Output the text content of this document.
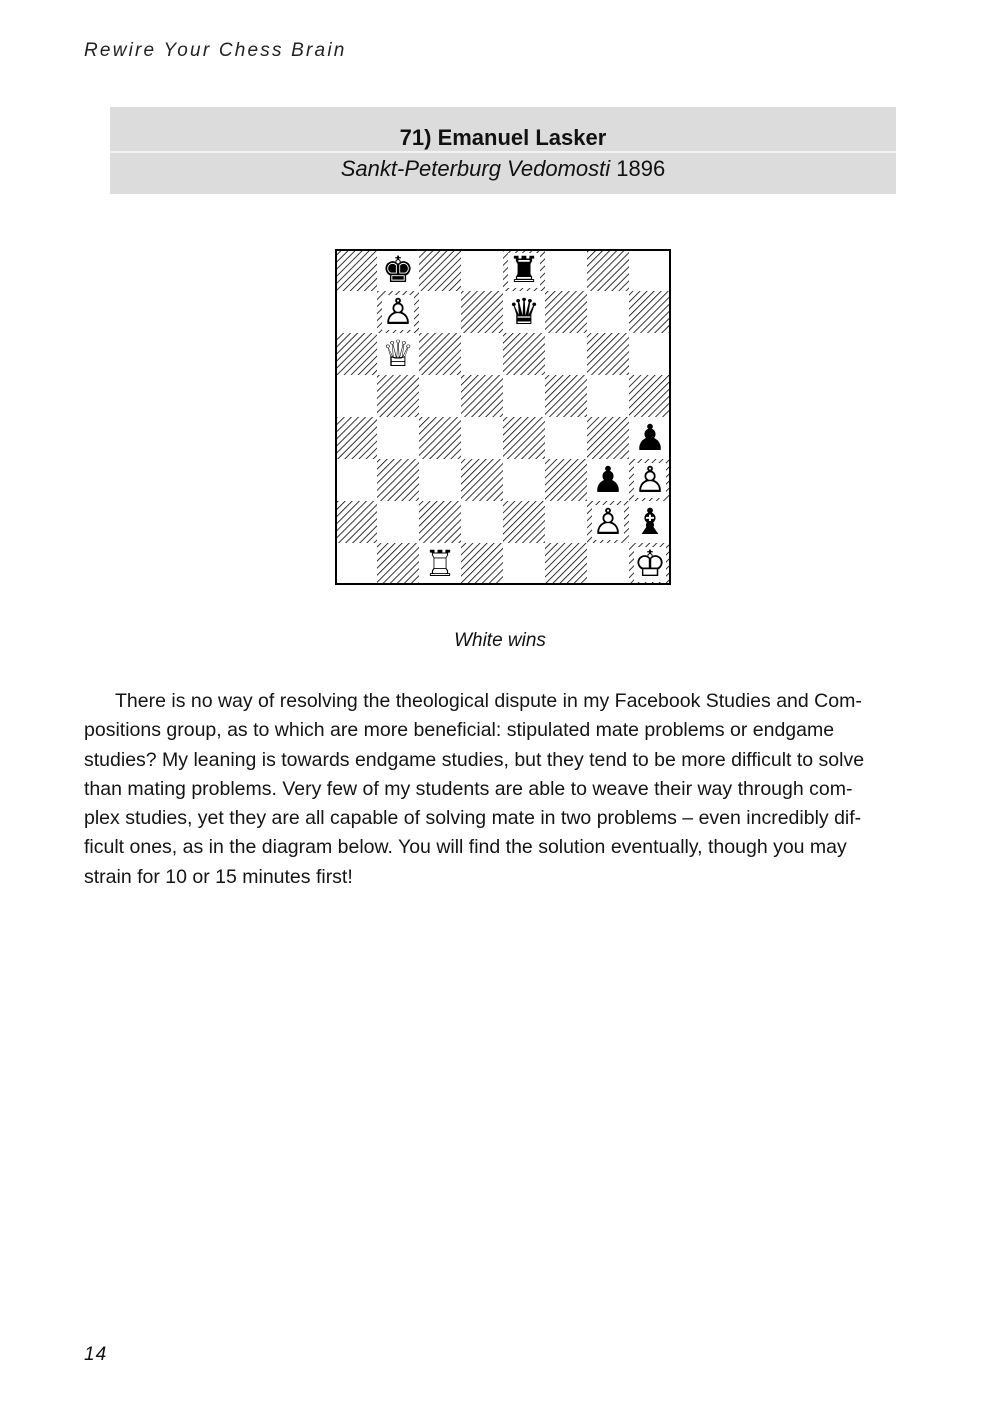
Rewire Your Chess Brain
71) Emanuel Lasker
Sankt-Peterburg Vedomosti 1896
♚	♜
♙	♛
♕
♟
♟ ♙
♙ ♝
♖	♔
White wins
There is no way of resolving the theological dispute in my Facebook Studies and Com-
positions group, as to which are more beneficial: stipulated mate problems or endgame
studies? My leaning is towards endgame studies, but they tend to be more difficult to solve
than mating problems. Very few of my students are able to weave their way through com-
plex studies, yet they are all capable of solving mate in two problems – even incredibly dif-
ficult ones, as in the diagram below. You will find the solution eventually, though you may
strain for 10 or 15 minutes first!
14
